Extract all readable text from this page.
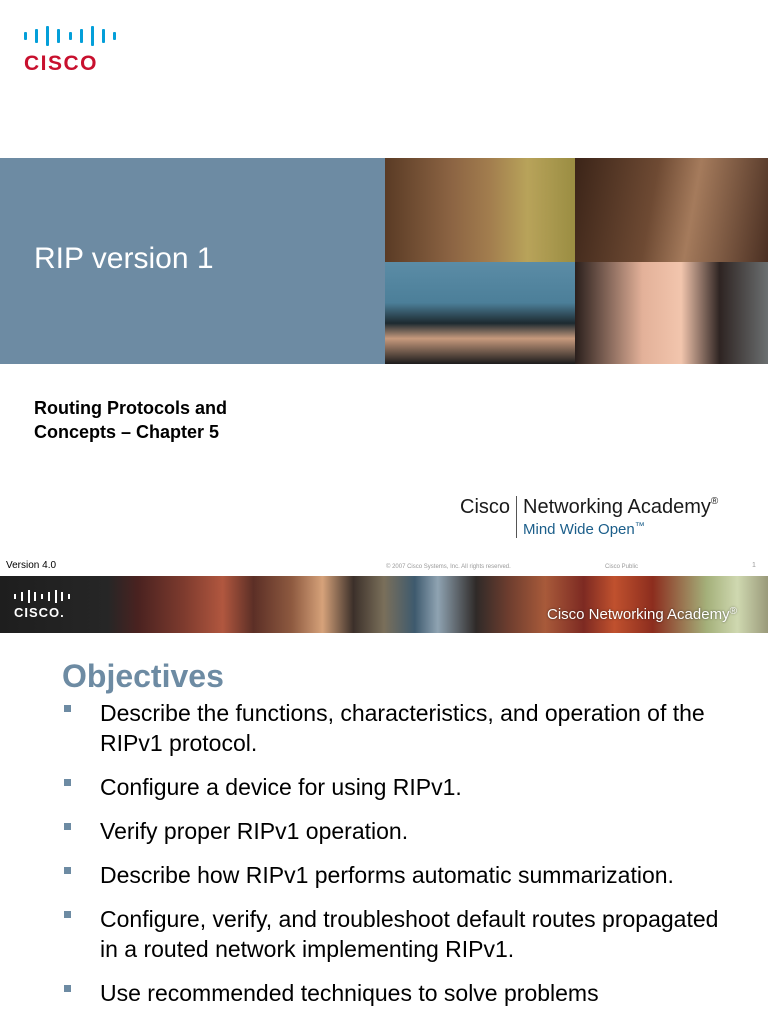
CISCO
RIP version 1
Routing Protocols and
Concepts – Chapter 5
Cisco Networking Academy®
Mind Wide Open™
Version 4.0	© 2007 Cisco Systems, Inc. All rights reserved.	Cisco Public	1
CISCO.	Cisco Networking Academy®
Objectives
Describe the functions, characteristics, and operation of the RIPv1 protocol.
Configure a device for using RIPv1.
Verify proper RIPv1 operation.
Describe how RIPv1 performs automatic summarization.
Configure, verify, and troubleshoot default routes propagated in a routed network implementing RIPv1.
Use recommended techniques to solve problems
